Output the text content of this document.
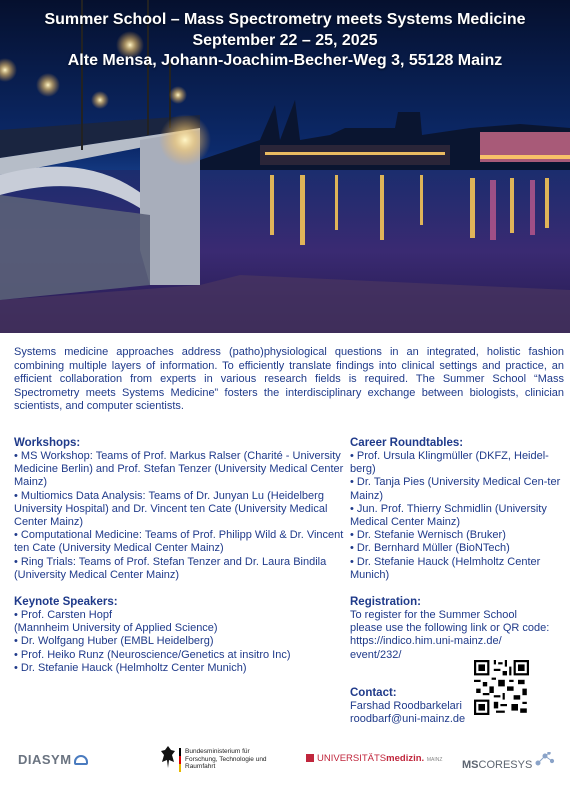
Summer School – Mass Spectrometry meets Systems Medicine
September 22 – 25, 2025
Alte Mensa, Johann-Joachim-Becher-Weg 3, 55128 Mainz

Systems medicine approaches address (patho)physiological questions in an integrated, holistic fashion combining multiple layers of information. To efficiently translate findings into clinical settings and practice, an efficient collaboration from experts in various research fields is required. The Summer School “Mass Spectrometry meets Systems Medicine” fosters the interdisciplinary exchange between biologists, clinician scientists, and computer scientists.

Workshops:
• MS Workshop: Teams of Prof. Markus Ralser (Charité - University Medicine Berlin) and Prof. Stefan Tenzer (University Medical Center Mainz)
• Multiomics Data Analysis: Teams of Dr. Junyan Lu (Heidelberg University Hospital) and Dr. Vincent ten Cate (University Medical Center Mainz)
• Computational Medicine: Teams of Prof. Philipp Wild & Dr. Vincent ten Cate (University Medical Center Mainz)
• Ring Trials: Teams of Prof. Stefan Tenzer and Dr. Laura Bindila (University Medical Center Mainz)
Keynote Speakers:
• Prof. Carsten Hopf
(Mannheim University of Applied Science)
• Dr. Wolfgang Huber (EMBL Heidelberg)
• Prof. Heiko Runz (Neuroscience/Genetics at insitro Inc)
• Dr. Stefanie Hauck (Helmholtz Center Munich)
Career Roundtables:
• Prof. Ursula Klingmüller (DKFZ, Heidel-berg)
• Dr. Tanja Pies (University Medical Cen-ter Mainz)
• Jun. Prof. Thierry Schmidlin (University Medical Center Mainz)
• Dr. Stefanie Wernisch (Bruker)
• Dr. Bernhard Müller (BioNTech)
• Dr. Stefanie Hauck (Helmholtz Center Munich)
Registration:
To register for the Summer School
please use the following link or QR code:
https://indico.him.uni-mainz.de/
event/232/
Contact:
Farshad Roodbarkelari
roodbarf@uni-mainz.de
DIASYM
Bundesministerium für Forschung, Technologie und Raumfahrt
UNIVERSITÄTSmedizin. MAINZ MSCORESYS
